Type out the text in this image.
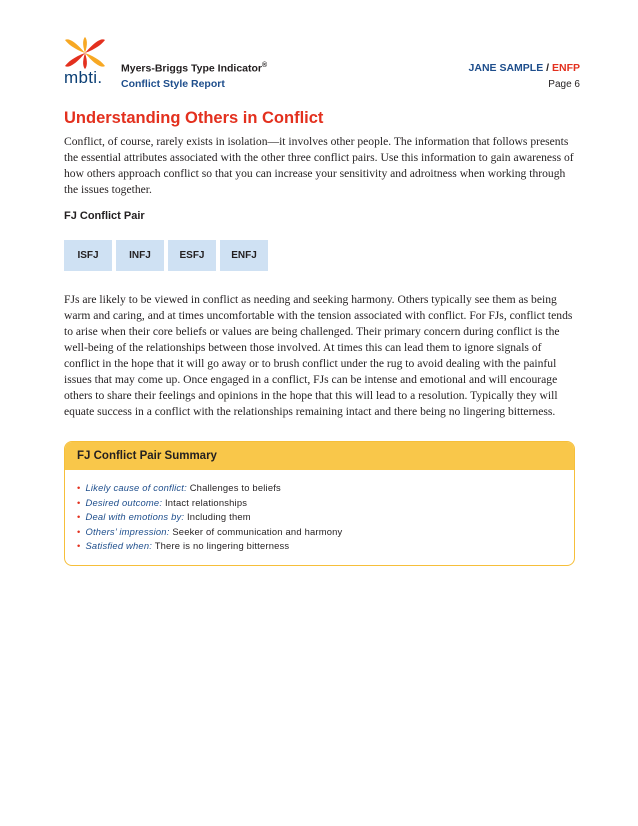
mbti. Myers-Briggs Type Indicator®
Conflict Style Report
JANE SAMPLE / ENFP
Page 6
Understanding Others in Conflict

Conflict, of course, rarely exists in isolation—it involves other people. The information that follows presents the essential attributes associated with the other three conflict pairs. Use this information to gain awareness of how others approach conflict so that you can increase your sensitivity and adroitness when working through the issues together.

FJ Conflict Pair
ISFJ	INFJ	ESFJ	ENFJ

FJs are likely to be viewed in conflict as needing and seeking harmony. Others typically see them as being warm and caring, and at times uncomfortable with the tension associated with conflict. For FJs, conflict tends to arise when their core beliefs or values are being challenged. Their primary concern during conflict is the well-being of the relationships between those involved. At times this can lead them to ignore signals of conflict in the hope that it will go away or to brush conflict under the rug to avoid dealing with the painful issues that may come up. Once engaged in a conflict, FJs can be intense and emotional and will encourage others to share their feelings and opinions in the hope that this will lead to a resolution. Typically they will equate success in a conflict with the relationships remaining intact and there being no lingering bitterness.

FJ Conflict Pair Summary
• Likely cause of conflict: Challenges to beliefs
• Desired outcome: Intact relationships
• Deal with emotions by: Including them
• Others’ impression: Seeker of communication and harmony
• Satisfied when: There is no lingering bitterness
